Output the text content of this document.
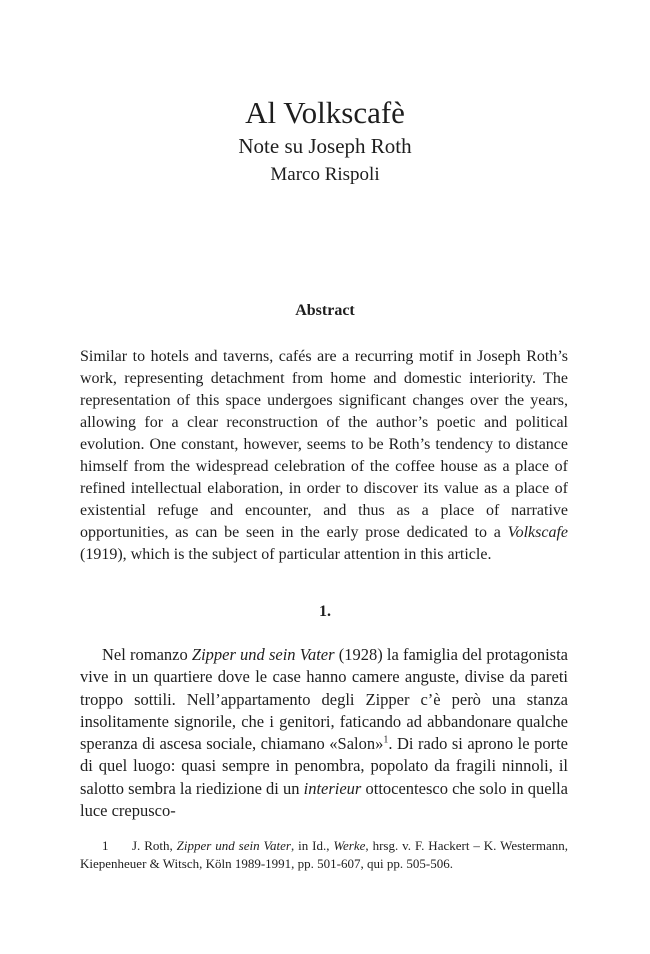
Al Volkscafè
Note su Joseph Roth
Marco Rispoli
Abstract

Similar to hotels and taverns, cafés are a recurring motif in Joseph Roth’s work, representing detachment from home and domestic interiority. The representation of this space undergoes significant changes over the years, allowing for a clear reconstruction of the author’s poetic and political evolution. One constant, however, seems to be Roth’s tendency to distance himself from the widespread celebration of the coffee house as a place of refined intellectual elaboration, in order to discover its value as a place of existential refuge and encounter, and thus as a place of narrative opportunities, as can be seen in the early prose dedicated to a Volkscafe (1919), which is the subject of particular attention in this article.

1.

Nel romanzo Zipper und sein Vater (1928) la famiglia del protagonista vive in un quartiere dove le case hanno camere anguste, divise da pareti troppo sottili. Nell’appartamento degli Zipper c’è però una stanza insolitamente signorile, che i genitori, faticando ad abbandonare qualche speranza di ascesa sociale, chiamano «Salon»$^1$. Di rado si aprono le porte di quel luogo: quasi sempre in penombra, popolato da fragili ninnoli, il salotto sembra la riedizione di un interieur ottocentesco che solo in quella luce crepusco-

1 J. Roth, Zipper und sein Vater, in Id., Werke, hrsg. v. F. Hackert – K. Westermann, Kiepenheuer & Witsch, Köln 1989-1991, pp. 501-607, qui pp. 505-506.
